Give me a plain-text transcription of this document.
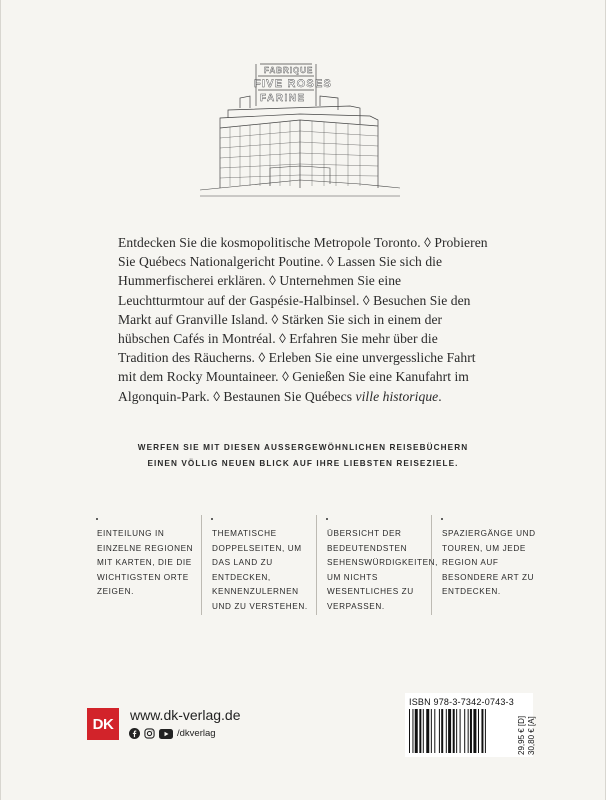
FABRIQUE
FIVE ROSES
FARINE
Entdecken Sie die kosmopolitische Metropole Toronto. ◊ Probieren Sie Québecs Nationalgericht Poutine. ◊ Lassen Sie sich die Hummerfischerei erklären. ◊ Unternehmen Sie eine Leuchtturmtour auf der Gaspésie-Halbinsel. ◊ Besuchen Sie den Markt auf Granville Island. ◊ Stärken Sie sich in einem der hübschen Cafés in Montréal. ◊ Erfahren Sie mehr über die Tradition des Räucherns. ◊ Erleben Sie eine unvergessliche Fahrt mit dem Rocky Mountaineer. ◊ Genießen Sie eine Kanufahrt im Algonquin-Park. ◊ Bestaunen Sie Québecs ville historique.
WERFEN SIE MIT DIESEN AUSSERGEWÖHNLICHEN REISEBÜCHERN
EINEN VÖLLIG NEUEN BLICK AUF IHRE LIEBSTEN REISEZIELE.
EINTEILUNG IN EINZELNE REGIONEN MIT KARTEN, DIE DIE WICHTIGSTEN ORTE ZEIGEN.
THEMATISCHE DOPPELSEITEN, UM DAS LAND ZU ENTDECKEN, KENNENZULERNEN UND ZU VERSTEHEN.
ÜBERSICHT DER BEDEUTENDSTEN SEHENSWÜRDIGKEITEN, UM NICHTS WESENTLICHES ZU VERPASSEN.
SPAZIERGÄNGE UND TOUREN, UM JEDE REGION AUF BESONDERE ART ZU ENTDECKEN.
DK
www.dk-verlag.de
/dkverlag
ISBN 978-3-7342-0743-3
29,95 € [D] 30,80 € [A]
